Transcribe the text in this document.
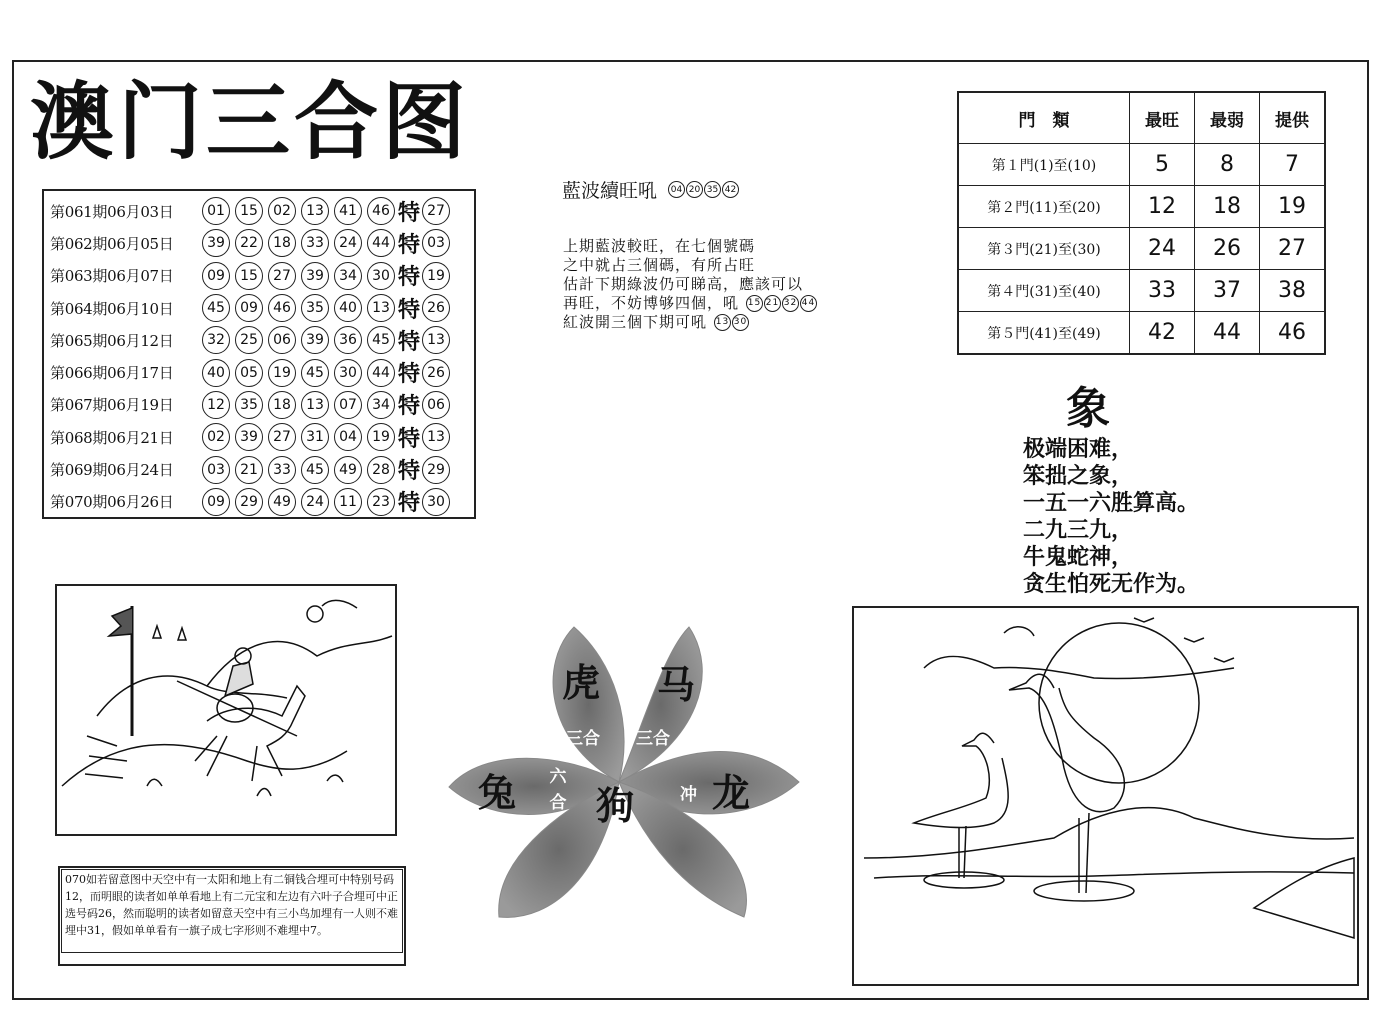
澳门三合图
第061期06月03日	01	15	02	13	41	46 特 27
第062期06月05日	39	22	18	33	24	44 特 03
第063期06月07日	09	15	27	39	34	30 特 19
第064期06月10日	45	09	46	35	40	13 特 26
第065期06月12日	32	25	06	39	36	45 特 13
第066期06月17日	40	05	19	45	30	44 特 26
第067期06月19日	12	35	18	13	07	34 特 06
第068期06月21日	02	39	27	31	04	19 特 13
第069期06月24日	03	21	33	45	49	28 特 29
第070期06月26日	09	29	49	24	11	23 特 30
藍波續旺吼	04 20 35 42
上期藍波較旺，在七個號碼
之中就占三個碼，有所占旺
估計下期綠波仍可睇高，應該可以
再旺，不妨博够四個，吼 15 21 32 44
紅波開三個下期可吼 13 30
門　類	最旺	最弱	提供
第１門(1)至(10)	5	8	7
第２門(11)至(20)	12	18	19
第３門(21)至(30)	24	26	27
第４門(31)至(40)	33	37	38
第５門(41)至(49)	42	44	46
象
极端困难，
笨拙之象，
一五一六胜算高。
二九三九，
牛鬼蛇神，
贪生怕死无作为。
070如若留意图中天空中有一太阳和地上有二铜钱合埋可中特别号码12，而明眼的读者如单单看地上有二元宝和左边有六叶子合埋可中正选号码26，然而聪明的读者如留意天空中有三小鸟加埋有一人则不难埋中31，假如单单看有一旗子成七字形则不难埋中7。
虎 马
兔 狗 龙
三合 三合
六合	冲
